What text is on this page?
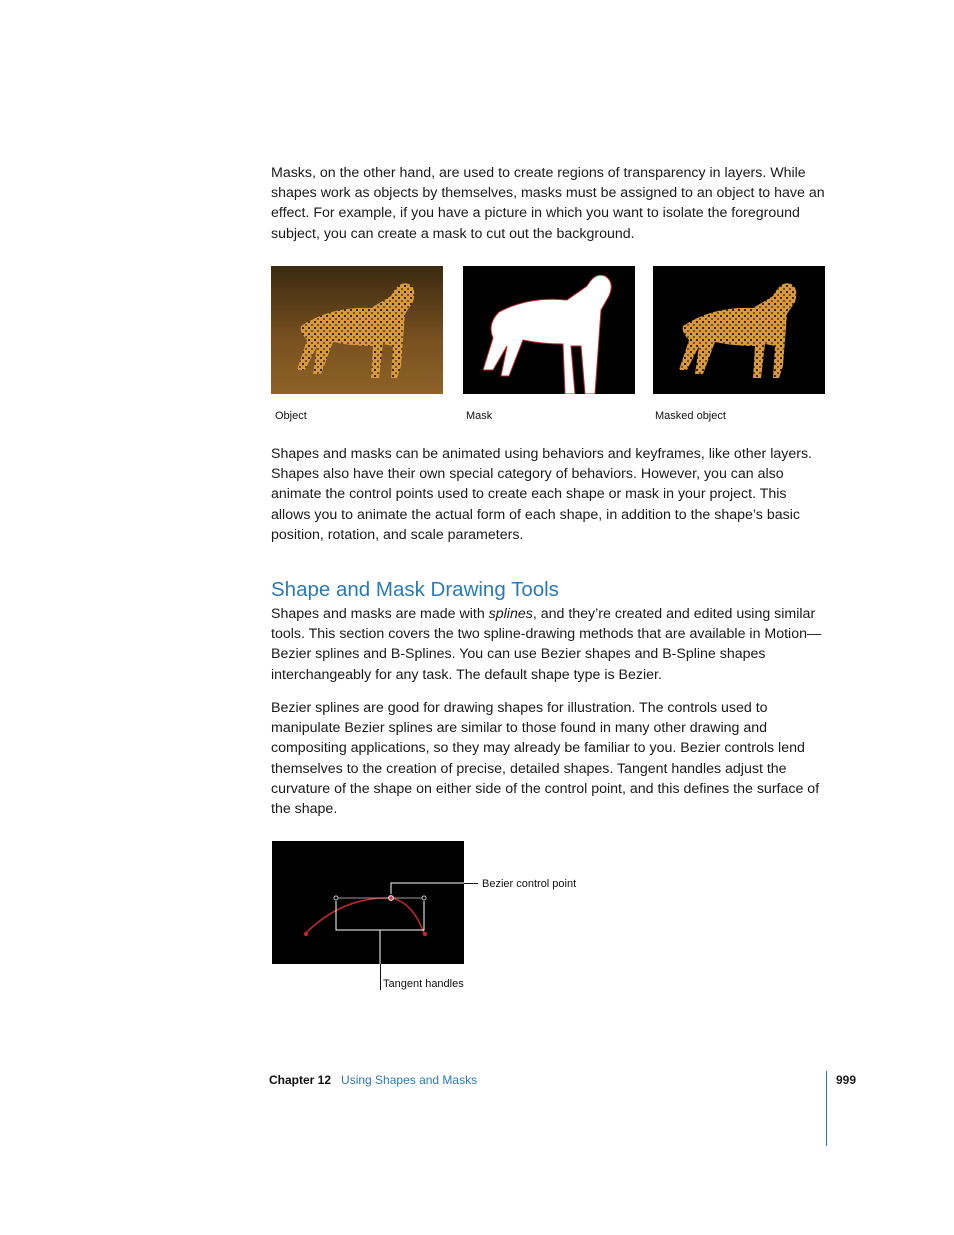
Masks, on the other hand, are used to create regions of transparency in layers. While shapes work as objects by themselves, masks must be assigned to an object to have an effect. For example, if you have a picture in which you want to isolate the foreground subject, you can create a mask to cut out the background.

Object	Mask	Masked object

Shapes and masks can be animated using behaviors and keyframes, like other layers. Shapes also have their own special category of behaviors. However, you can also animate the control points used to create each shape or mask in your project. This allows you to animate the actual form of each shape, in addition to the shape’s basic position, rotation, and scale parameters.

Shape and Mask Drawing Tools

Shapes and masks are made with splines, and they’re created and edited using similar tools. This section covers the two spline-drawing methods that are available in Motion—Bezier splines and B-Splines. You can use Bezier shapes and B-Spline shapes interchangeably for any task. The default shape type is Bezier.

Bezier splines are good for drawing shapes for illustration. The controls used to manipulate Bezier splines are similar to those found in many other drawing and compositing applications, so they may already be familiar to you. Bezier controls lend themselves to the creation of precise, detailed shapes. Tangent handles adjust the curvature of the shape on either side of the control point, and this defines the surface of the shape.

Bezier control point
Tangent handles
Chapter 12 Using Shapes and Masks	999
